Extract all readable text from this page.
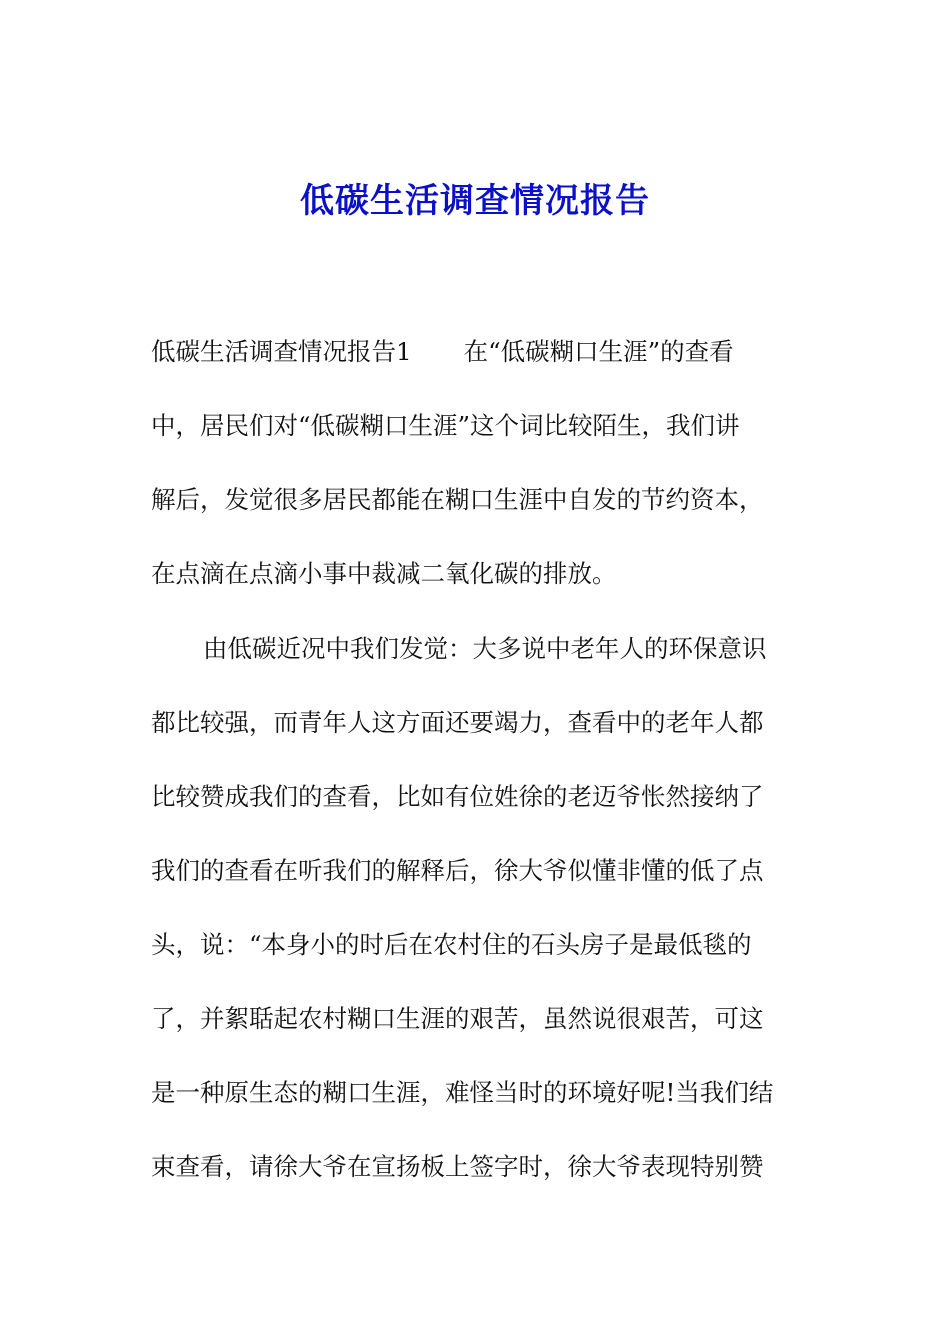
低碳生活调查情况报告

低碳生活调查情况报告1 在“低碳糊口生涯”的查看

中，居民们对“低碳糊口生涯”这个词比较陌生，我们讲

解后，发觉很多居民都能在糊口生涯中自发的节约资本，

在点滴在点滴小事中裁减二氧化碳的排放。

由低碳近况中我们发觉：大多说中老年人的环保意识

都比较强，而青年人这方面还要竭力，查看中的老年人都

比较赞成我们的查看，比如有位姓徐的老迈爷怅然接纳了

我们的查看在听我们的解释后，徐大爷似懂非懂的低了点

头，说：“本身小的时后在农村住的石头房子是最低毯的

了，并絮聒起农村糊口生涯的艰苦，虽然说很艰苦，可这

是一种原生态的糊口生涯，难怪当时的环境好呢!当我们结

束查看，请徐大爷在宣扬板上签字时，徐大爷表现特别赞
